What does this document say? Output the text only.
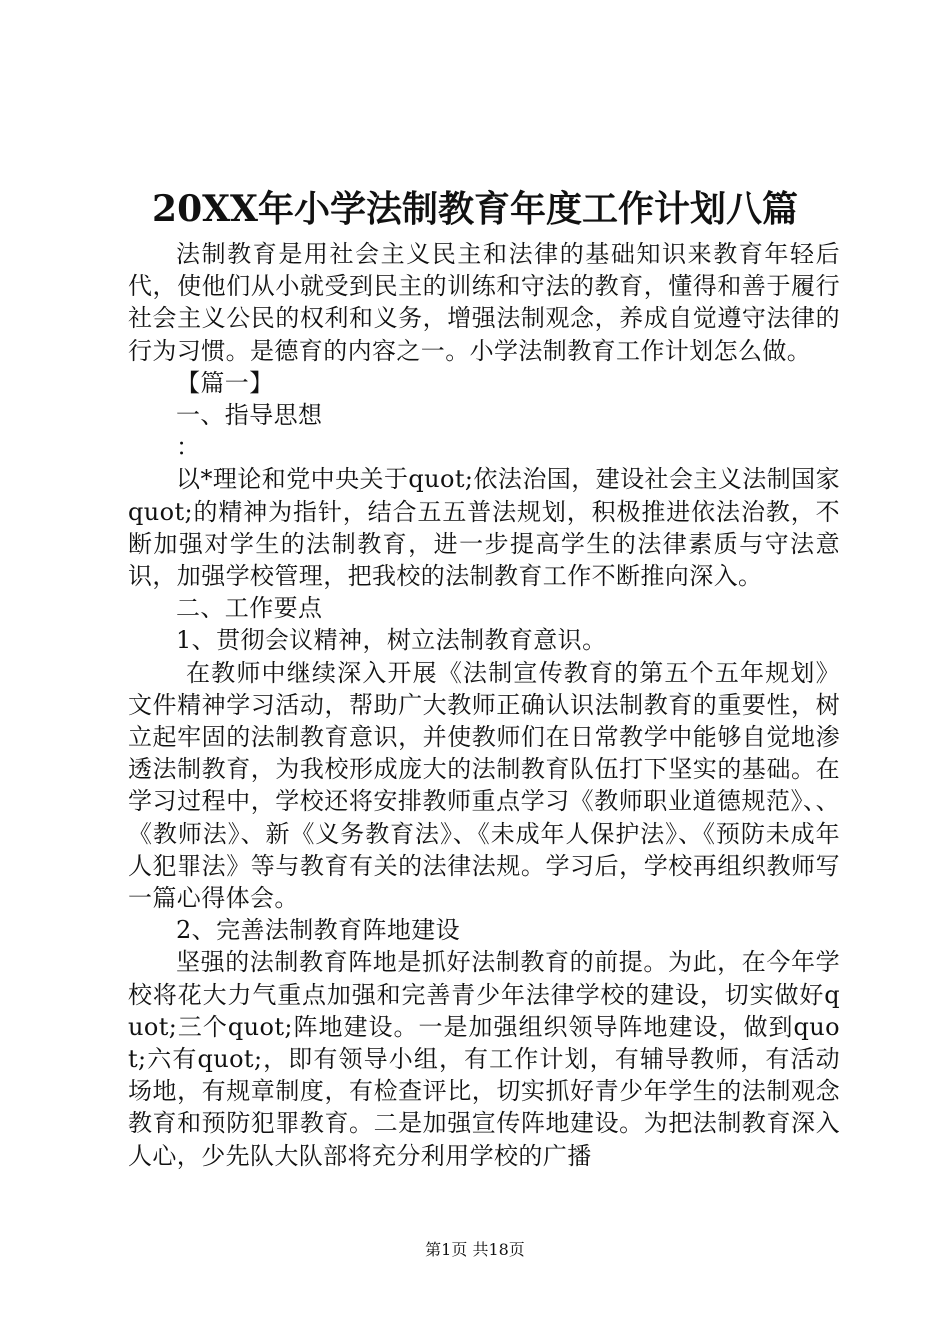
20XX年小学法制教育年度工作计划八篇

法制教育是用社会主义民主和法律的基础知识来教育年轻后代，使他们从小就受到民主的训练和守法的教育，懂得和善于履行社会主义公民的权利和义务，增强法制观念，养成自觉遵守法律的行为习惯。是德育的内容之一。小学法制教育工作计划怎么做。

【篇一】

一、指导思想

：

以*理论和党中央关于quot;依法治国，建设社会主义法制国家quot;的精神为指针，结合五五普法规划，积极推进依法治教，不断加强对学生的法制教育，进一步提高学生的法律素质与守法意识，加强学校管理，把我校的法制教育工作不断推向深入。

二、工作要点

1、贯彻会议精神，树立法制教育意识。

在教师中继续深入开展《法制宣传教育的第五个五年规划》文件精神学习活动，帮助广大教师正确认识法制教育的重要性，树立起牢固的法制教育意识，并使教师们在日常教学中能够自觉地渗透法制教育，为我校形成庞大的法制教育队伍打下坚实的基础。在学习过程中，学校还将安排教师重点学习《教师职业道德规范》、、《教师法》、新《义务教育法》、《未成年人保护法》、《预防未成年人犯罪法》等与教育有关的法律法规。学习后，学校再组织教师写一篇心得体会。

2、完善法制教育阵地建设

坚强的法制教育阵地是抓好法制教育的前提。为此，在今年学校将花大力气重点加强和完善青少年法律学校的建设，切实做好quot;三个quot;阵地建设。一是加强组织领导阵地建设，做到quot;六有quot;，即有领导小组，有工作计划，有辅导教师，有活动场地，有规章制度，有检查评比，切实抓好青少年学生的法制观念教育和预防犯罪教育。二是加强宣传阵地建设。为把法制教育深入人心，少先队大队部将充分利用学校的广播

第1页 共18页
